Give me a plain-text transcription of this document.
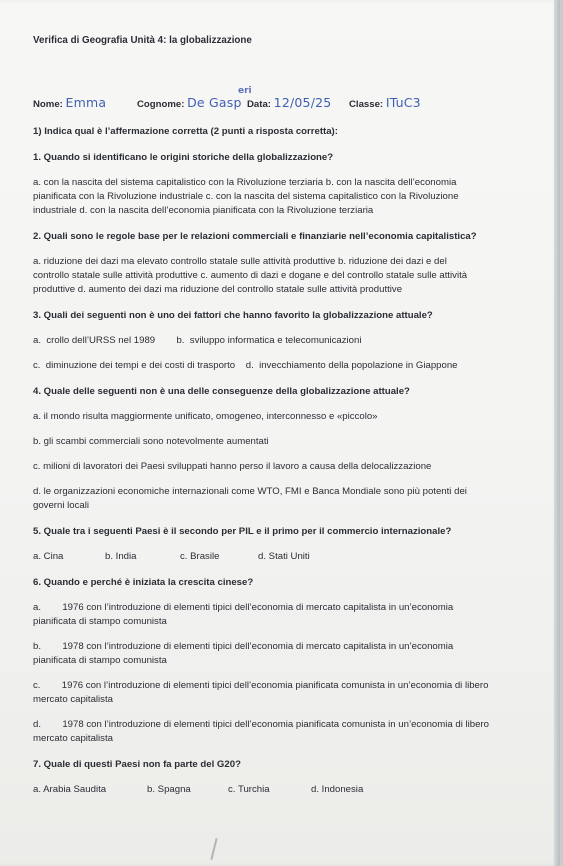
Verifica di Geografia Unità 4: la globalizzazione
Nome: Emma	Cognome: De Gasp
eri
Data: 12/05/25 Classe: ITuC3
1) Indica qual è l’affermazione corretta (2 punti a risposta corretta):
1. Quando si identificano le origini storiche della globalizzazione?
a. con la nascita del sistema capitalistico con la Rivoluzione terziaria b. con la nascita dell’economia
pianificata con la Rivoluzione industriale c. con la nascita del sistema capitalistico con la Rivoluzione
industriale d. con la nascita dell’economia pianificata con la Rivoluzione terziaria
2. Quali sono le regole base per le relazioni commerciali e finanziarie nell’economia capitalistica?
a. riduzione dei dazi ma elevato controllo statale sulle attività produttive b. riduzione dei dazi e del
controllo statale sulle attività produttive c. aumento di dazi e dogane e del controllo statale sulle attività
produttive d. aumento dei dazi ma riduzione del controllo statale sulle attività produttive
3. Quali dei seguenti non è uno dei fattori che hanno favorito la globalizzazione attuale?
a.  crollo dell’URSS nel 1989        b.  sviluppo informatica e telecomunicazioni
c.  diminuzione dei tempi e dei costi di trasporto    d.  invecchiamento della popolazione in Giappone
4. Quale delle seguenti non è una delle conseguenze della globalizzazione attuale?
a. il mondo risulta maggiormente unificato, omogeneo, interconnesso e «piccolo»
b. gli scambi commerciali sono notevolmente aumentati
c. milioni di lavoratori dei Paesi sviluppati hanno perso il lavoro a causa della delocalizzazione
d. le organizzazioni economiche internazionali come WTO, FMI e Banca Mondiale sono più potenti dei
governi locali
5. Quale tra i seguenti Paesi è il secondo per PIL e il primo per il commercio internazionale?
a. Cina	b. India	c. Brasile	d. Stati Uniti
6. Quando e perché è iniziata la crescita cinese?
a.        1976 con l’introduzione di elementi tipici dell’economia di mercato capitalista in un’economia
pianificata di stampo comunista
b.        1978 con l’introduzione di elementi tipici dell’economia di mercato capitalista in un’economia
pianificata di stampo comunista
c.        1976 con l’introduzione di elementi tipici dell’economia pianificata comunista in un’economia di libero
mercato capitalista
d.        1978 con l’introduzione di elementi tipici dell’economia pianificata comunista in un’economia di libero
mercato capitalista
7. Quale di questi Paesi non fa parte del G20?
a. Arabia Saudita	b. Spagna	c. Turchia	d. Indonesia
